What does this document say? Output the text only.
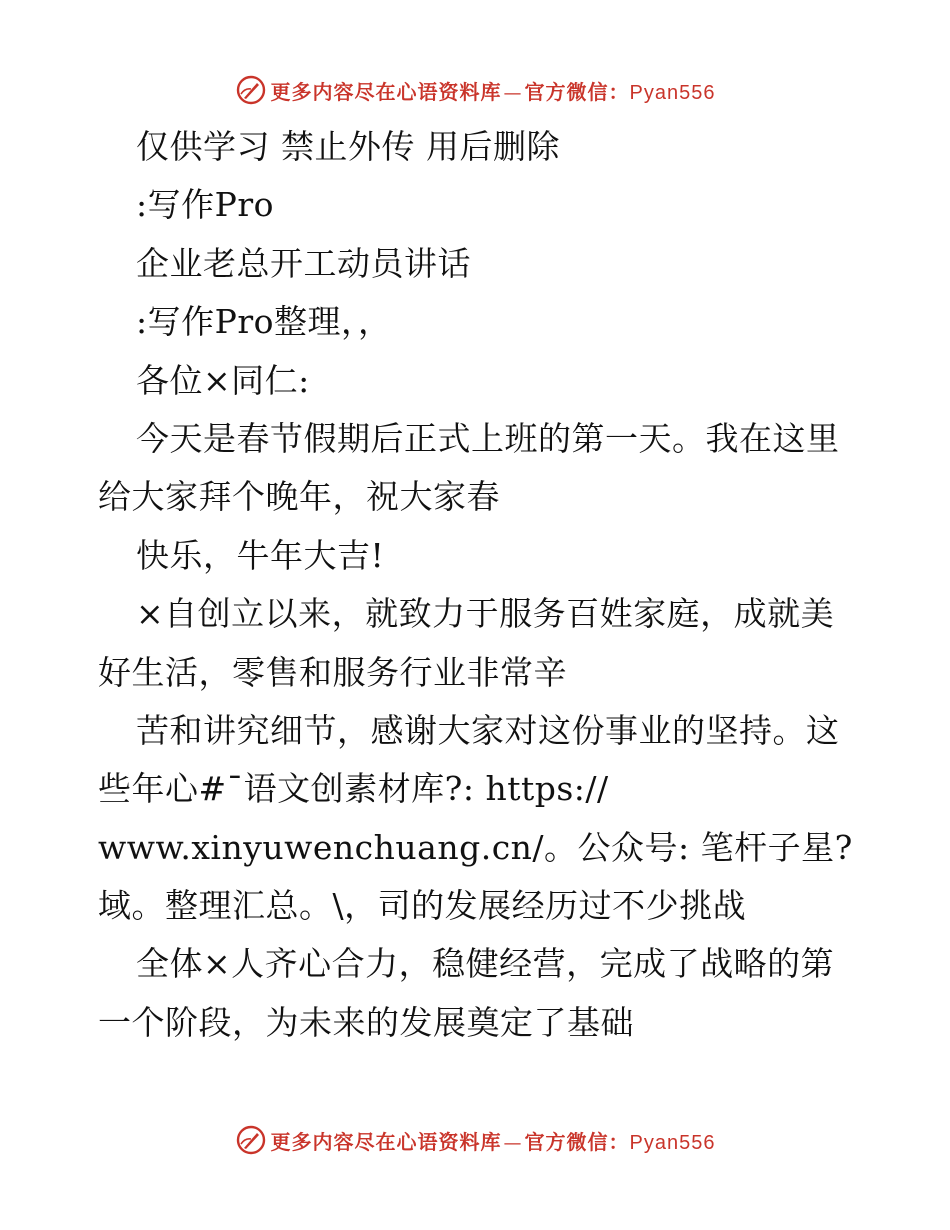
更多内容尽在心语资料库 — 官方微信： Pyan556
仅供学习 禁止外传 用后删除
:写作Pro
企业老总开工动员讲话
:写作Pro整理，，
各位×同仁:
今天是春节假期后正式上班的第一天。我在这里
给大家拜个晚年，祝大家春
快乐，牛年大吉!
×自创立以来，就致力于服务百姓家庭，成就美
好生活，零售和服务行业非常辛
苦和讲究细节，感谢大家对这份事业的坚持。这
些年心#¯语文创素材库?: https://
www.xinyuwenchuang.cn/。公众号: 笔杆子星?
域。整理汇总。\，司的发展经历过不少挑战
全体×人齐心合力，稳健经营，完成了战略的第
一个阶段，为未来的发展奠定了基础
更多内容尽在心语资料库 — 官方微信： Pyan556
